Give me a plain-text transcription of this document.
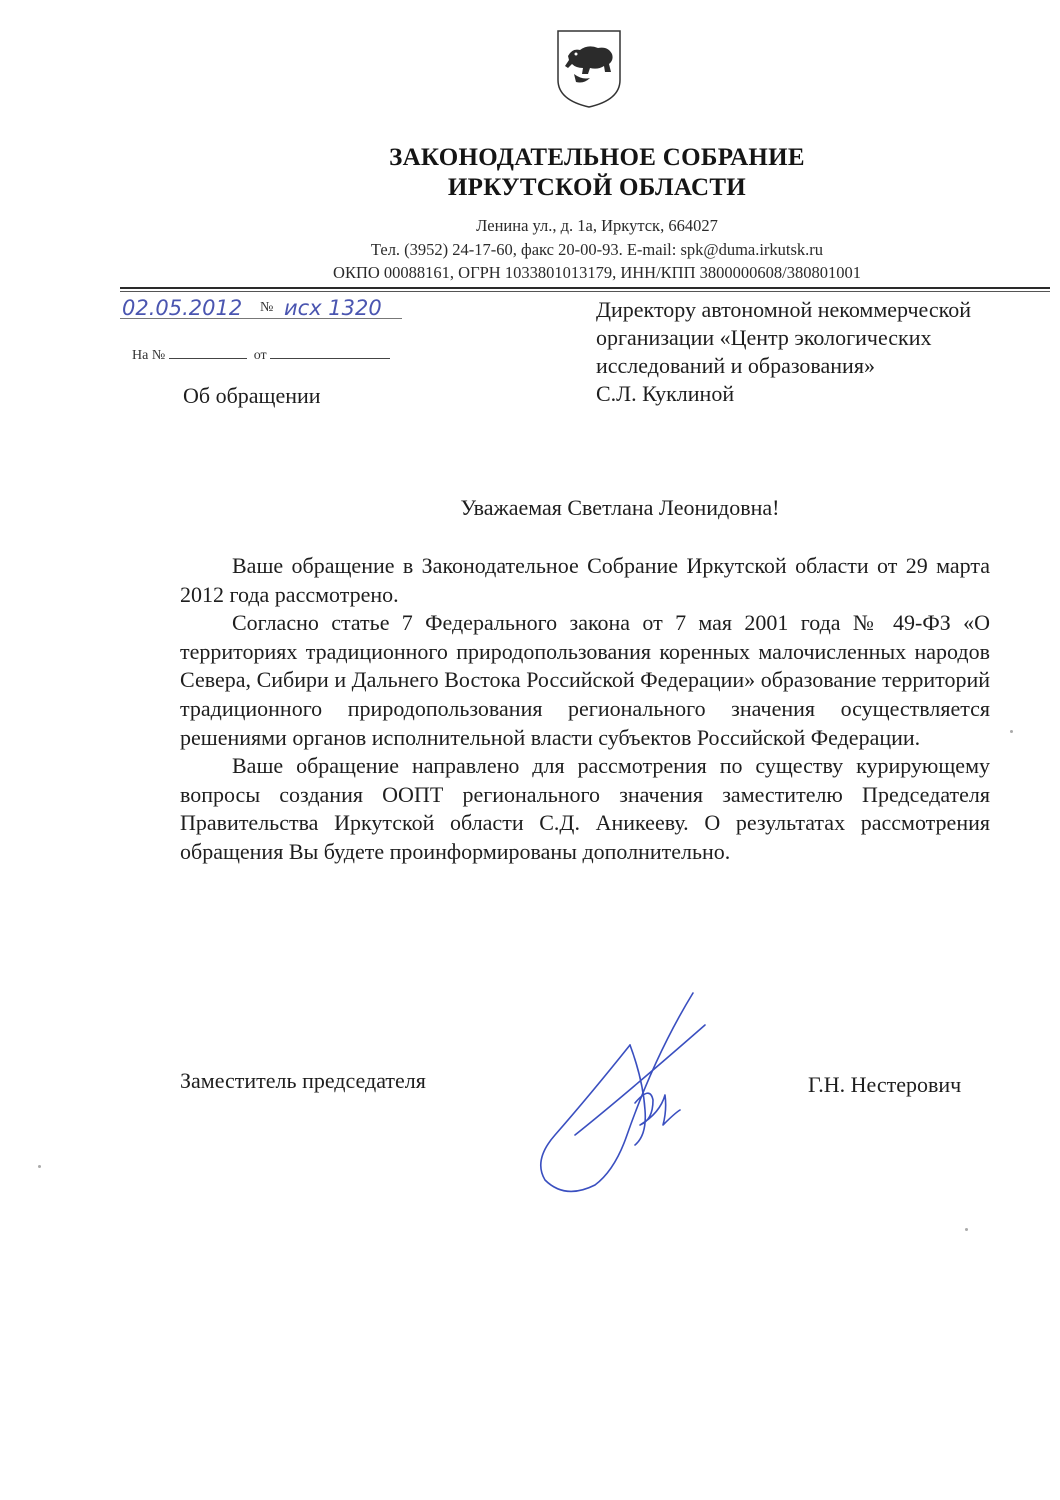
ЗАКОНОДАТЕЛЬНОЕ СОБРАНИЕ
ИРКУТСКОЙ ОБЛАСТИ
Ленина ул., д. 1а, Иркутск, 664027
Тел. (3952) 24-17-60, факс 20-00-93. E-mail: spk@duma.irkutsk.ru
ОКПО 00088161, ОГРН 1033801013179, ИНН/КПП 3800000608/380801001
02.05.2012 № исх 1320
На №	от
Об обращении
Директору автономной некоммерческой
организации «Центр экологических
исследований и образования»
С.Л. Куклиной
Уважаемая Светлана Леонидовна!

Ваше обращение в Законодательное Собрание Иркутской области от 29 марта 2012 года рассмотрено.

Согласно статье 7 Федерального закона от 7 мая 2001 года № 49-ФЗ «О территориях традиционного природопользования коренных малочисленных народов Севера, Сибири и Дальнего Востока Российской Федерации» образование территорий традиционного природопользования регионального значения осуществляется решениями органов исполнительной власти субъектов Российской Федерации.

Ваше обращение направлено для рассмотрения по существу курирующему вопросы создания ООПТ регионального значения заместителю Председателя Правительства Иркутской области С.Д. Аникееву. О результатах рассмотрения обращения Вы будете проинформированы дополнительно.

Заместитель председателя	Г.Н. Нестерович
